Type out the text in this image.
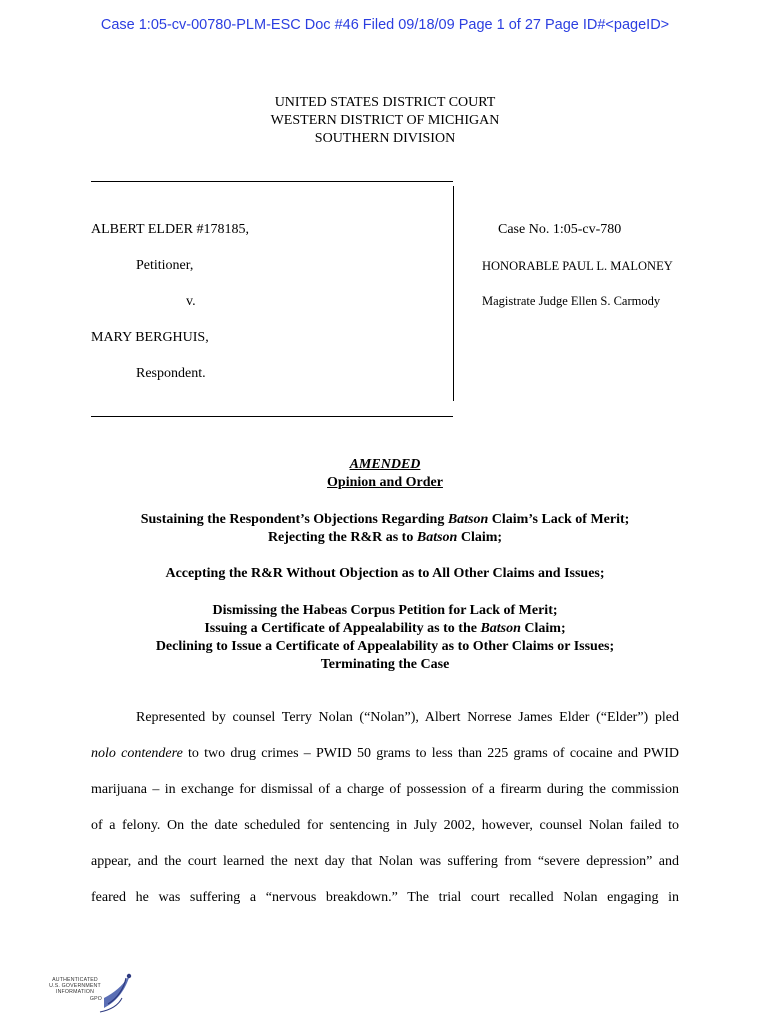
Case 1:05-cv-00780-PLM-ESC Doc #46 Filed 09/18/09 Page 1 of 27 Page ID#<pageID>
UNITED STATES DISTRICT COURT
WESTERN DISTRICT OF MICHIGAN
SOUTHERN DIVISION
ALBERT ELDER #178185,
Petitioner,
v.
MARY BERGHUIS,
Respondent.
Case No. 1:05-cv-780
HONORABLE PAUL L. MALONEY
Magistrate Judge Ellen S. Carmody
AMENDED
Opinion and Order
Sustaining the Respondent’s Objections Regarding Batson Claim’s Lack of Merit;
Rejecting the R&R as to Batson Claim;
Accepting the R&R Without Objection as to All Other Claims and Issues;
Dismissing the Habeas Corpus Petition for Lack of Merit;
Issuing a Certificate of Appealability as to the Batson Claim;
Declining to Issue a Certificate of Appealability as to Other Claims or Issues;
Terminating the Case
Represented by counsel Terry Nolan (“Nolan”), Albert Norrese James Elder (“Elder”) pled
nolo contendere to two drug crimes – PWID 50 grams to less than 225 grams of cocaine and PWID
marijuana – in exchange for dismissal of a charge of possession of a firearm during the commission
of a felony. On the date scheduled for sentencing in July 2002, however, counsel Nolan failed to
appear, and the court learned the next day that Nolan was suffering from “severe depression” and
feared he was suffering a “nervous breakdown.” The trial court recalled Nolan engaging in
AUTHENTICATED
U.S. GOVERNMENT
INFORMATION
GPO
